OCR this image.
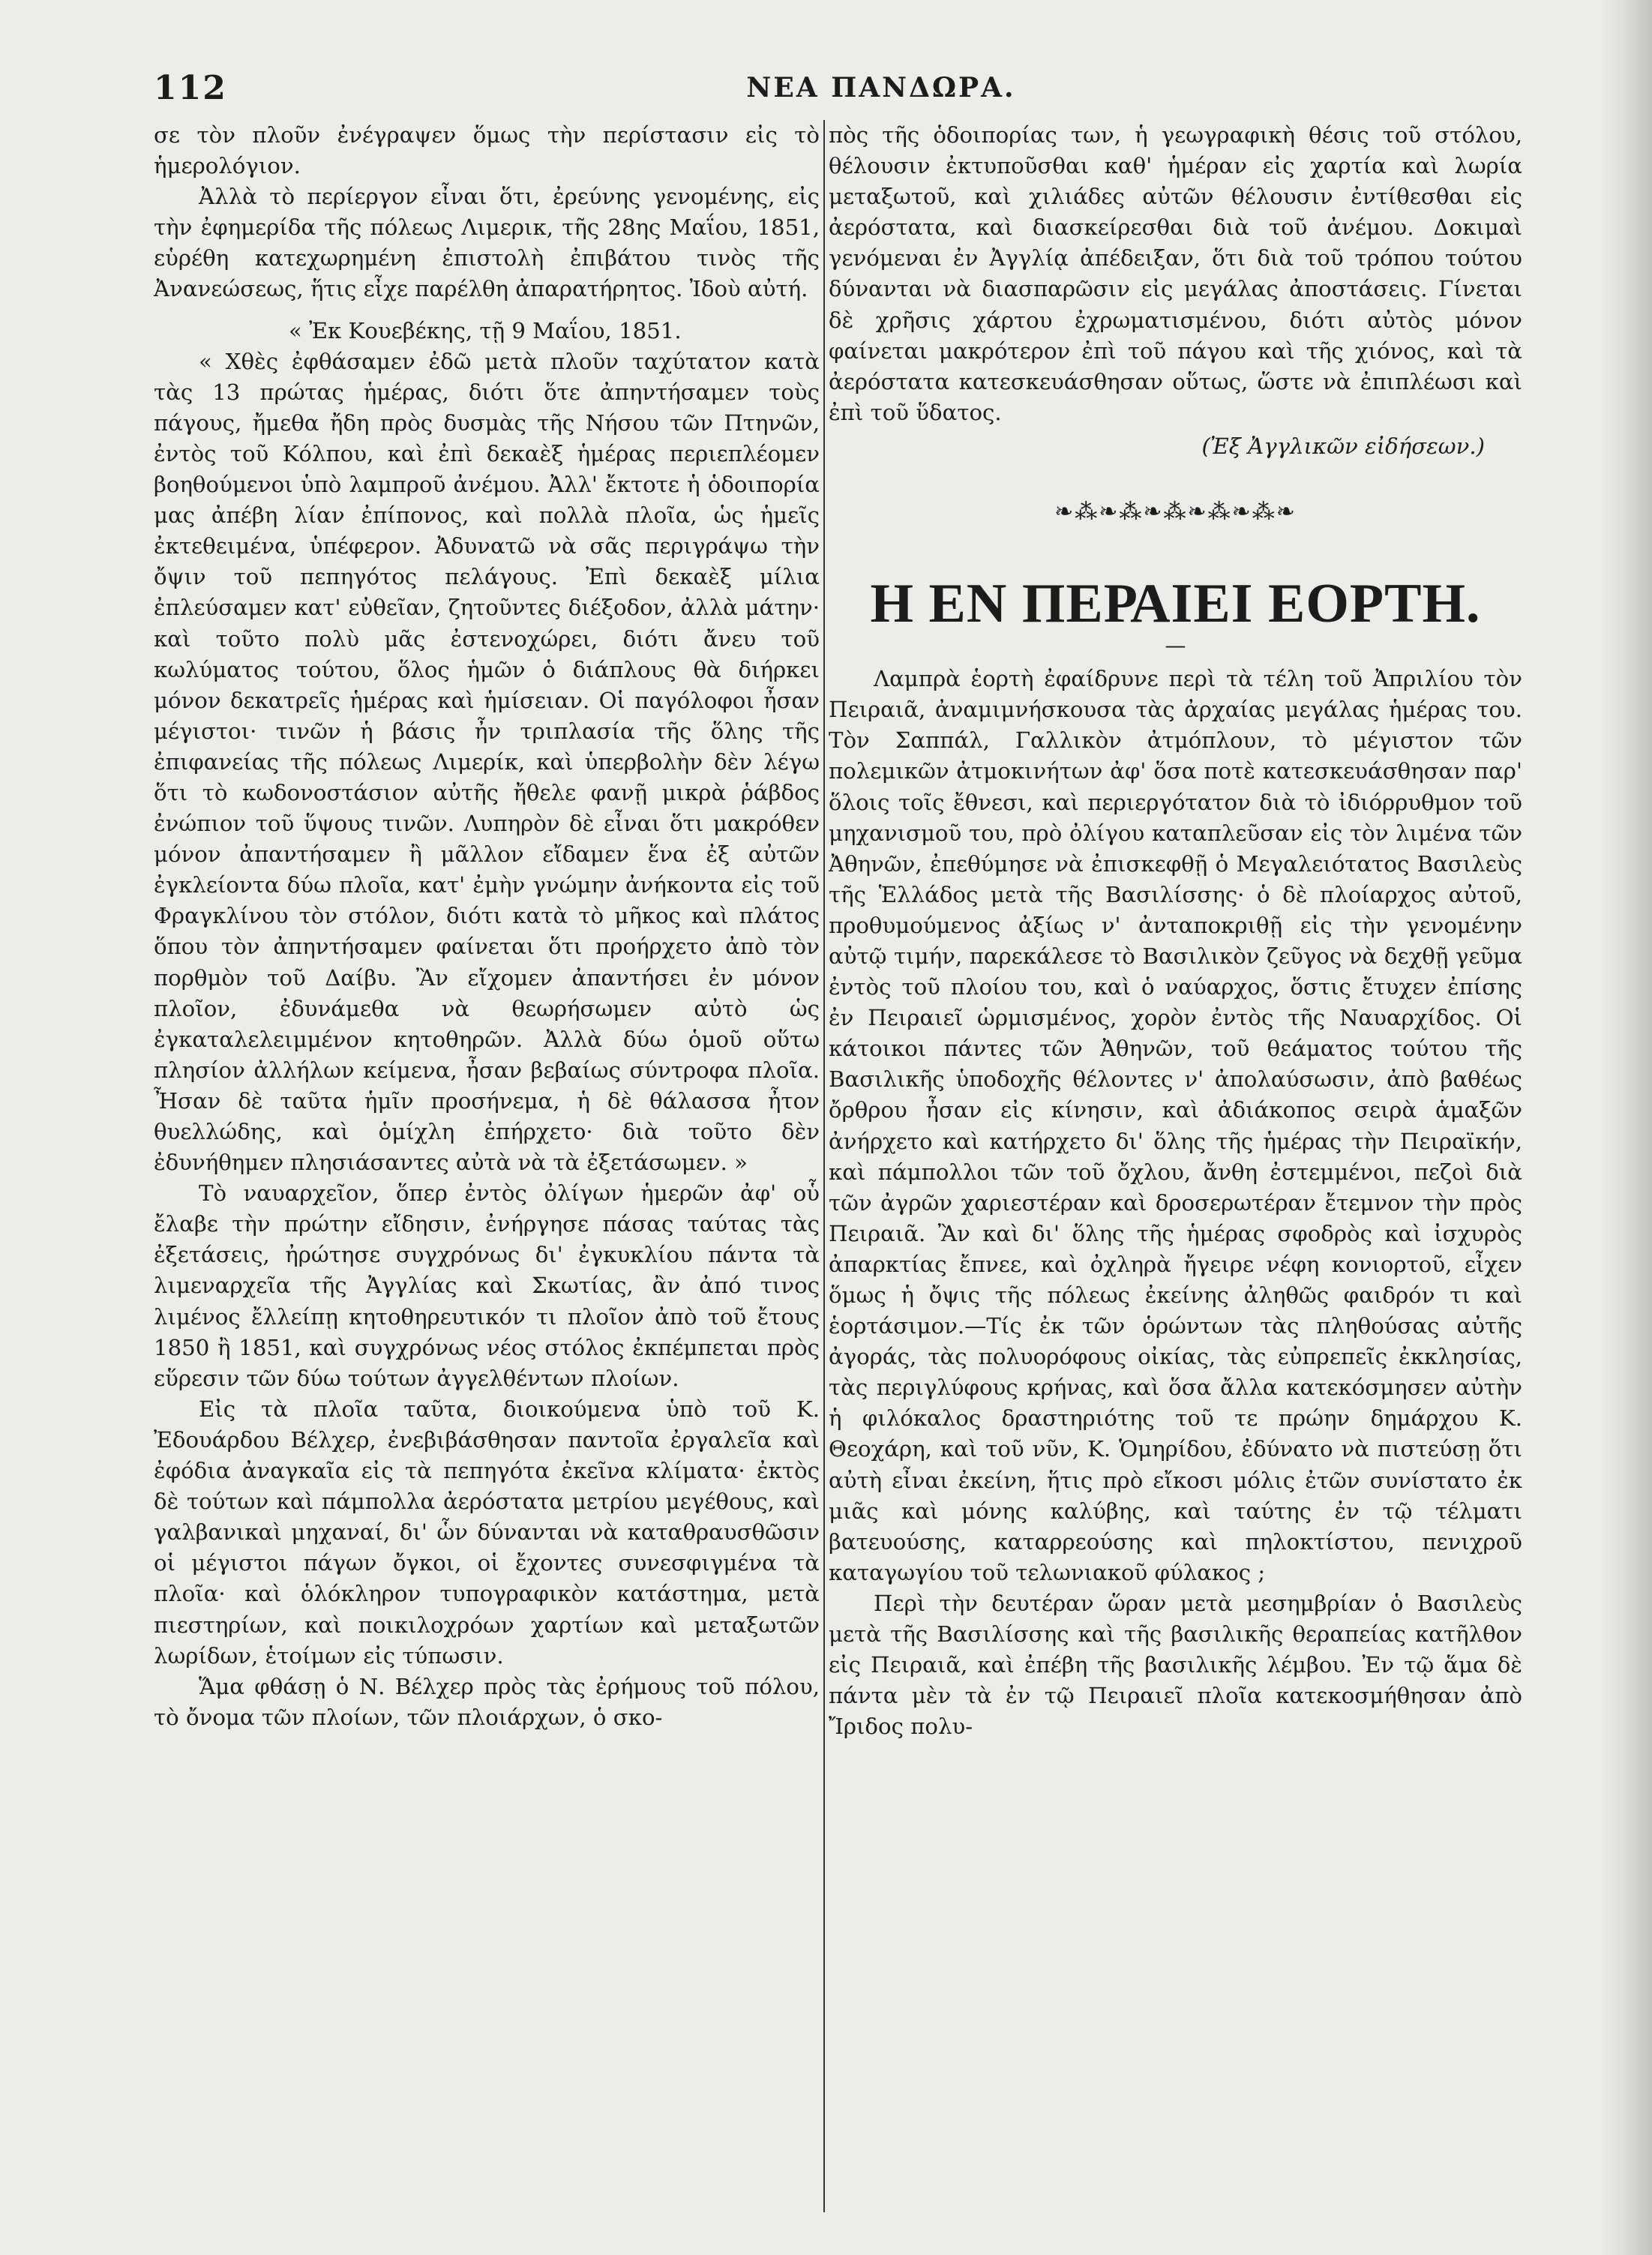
112	ΝΕΑ ΠΑΝΔΩΡΑ.

σε τὸν πλοῦν ἐνέγραψεν ὅμως τὴν περίστασιν εἰς τὸ ἡμερολόγιον.

Ἀλλὰ τὸ περίεργον εἶναι ὅτι, ἐρεύνης γενομένης, εἰς τὴν ἐφημερίδα τῆς πόλεως Λιμερικ, τῆς 28ης Μαΐου, 1851, εὑρέθη κατεχωρημένη ἐπιστολὴ ἐπιβάτου τινὸς τῆς Ἀνανεώσεως, ἥτις εἶχε παρέλθη ἀπαρατήρητος. Ἰδοὺ αὐτή.

« Ἐκ Κουεβέκης, τῇ 9 Μαΐου, 1851.

« Χθὲς ἐφθάσαμεν ἐδῶ μετὰ πλοῦν ταχύτατον κατὰ τὰς 13 πρώτας ἡμέρας, διότι ὅτε ἀπηντήσαμεν τοὺς πάγους, ἤμεθα ἤδη πρὸς δυσμὰς τῆς Νήσου τῶν Πτηνῶν, ἐντὸς τοῦ Κόλπου, καὶ ἐπὶ δεκαὲξ ἡμέρας περιεπλέομεν βοηθούμενοι ὑπὸ λαμπροῦ ἀνέμου. Ἀλλ' ἔκτοτε ἡ ὁδοιπορία μας ἀπέβη λίαν ἐπίπονος, καὶ πολλὰ πλοῖα, ὡς ἡμεῖς ἐκτεθειμένα, ὑπέφερον. Ἀδυνατῶ νὰ σᾶς περιγράψω τὴν ὄψιν τοῦ πεπηγότος πελάγους. Ἐπὶ δεκαὲξ μίλια ἐπλεύσαμεν κατ' εὐθεῖαν, ζητοῦντες διέξοδον, ἀλλὰ μάτην· καὶ τοῦτο πολὺ μᾶς ἐστενοχώρει, διότι ἄνευ τοῦ κωλύματος τούτου, ὅλος ἡμῶν ὁ διάπλους θὰ διήρκει μόνον δεκατρεῖς ἡμέρας καὶ ἡμίσειαν. Οἱ παγόλοφοι ἦσαν μέγιστοι· τινῶν ἡ βάσις ἦν τριπλασία τῆς ὅλης τῆς ἐπιφανείας τῆς πόλεως Λιμερίκ, καὶ ὑπερβολὴν δὲν λέγω ὅτι τὸ κωδονοστάσιον αὐτῆς ἤθελε φανῇ μικρὰ ῥάβδος ἐνώπιον τοῦ ὕψους τινῶν. Λυπηρὸν δὲ εἶναι ὅτι μακρόθεν μόνον ἀπαντήσαμεν ἢ μᾶλλον εἴδαμεν ἕνα ἐξ αὐτῶν ἐγκλείοντα δύω πλοῖα, κατ' ἐμὴν γνώμην ἀνήκοντα εἰς τοῦ Φραγκλίνου τὸν στόλον, διότι κατὰ τὸ μῆκος καὶ πλάτος ὅπου τὸν ἀπηντήσαμεν φαίνεται ὅτι προήρχετο ἀπὸ τὸν πορθμὸν τοῦ Δαίβυ. Ἂν εἴχομεν ἀπαντήσει ἐν μόνον πλοῖον, ἐδυνάμεθα νὰ θεωρήσωμεν αὐτὸ ὡς ἐγκαταλελειμμένον κητοθηρῶν. Ἀλλὰ δύω ὁμοῦ οὕτω πλησίον ἀλλήλων κείμενα, ἦσαν βεβαίως σύντροφα πλοῖα. Ἦσαν δὲ ταῦτα ἡμῖν προσήνεμα, ἡ δὲ θάλασσα ἦτον θυελλώδης, καὶ ὁμίχλη ἐπήρχετο· διὰ τοῦτο δὲν ἐδυνήθημεν πλησιάσαντες αὐτὰ νὰ τὰ ἐξετάσωμεν. »

Τὸ ναυαρχεῖον, ὅπερ ἐντὸς ὀλίγων ἡμερῶν ἀφ' οὗ ἔλαβε τὴν πρώτην εἴδησιν, ἐνήργησε πάσας ταύτας τὰς ἐξετάσεις, ἠρώτησε συγχρόνως δι' ἐγκυκλίου πάντα τὰ λιμεναρχεῖα τῆς Ἀγγλίας καὶ Σκωτίας, ἂν ἀπό τινος λιμένος ἔλλείπῃ κητοθηρευτικόν τι πλοῖον ἀπὸ τοῦ ἔτους 1850 ἢ 1851, καὶ συγχρόνως νέος στόλος ἐκπέμπεται πρὸς εὕρεσιν τῶν δύω τούτων ἀγγελθέντων πλοίων.

Εἰς τὰ πλοῖα ταῦτα, διοικούμενα ὑπὸ τοῦ Κ. Ἐδουάρδου Βέλχερ, ἐνεβιβάσθησαν παντοῖα ἐργαλεῖα καὶ ἐφόδια ἀναγκαῖα εἰς τὰ πεπηγότα ἐκεῖνα κλίματα· ἐκτὸς δὲ τούτων καὶ πάμπολλα ἀερόστατα μετρίου μεγέθους, καὶ γαλβανικαὶ μηχαναί, δι' ὧν δύνανται νὰ καταθραυσθῶσιν οἱ μέγιστοι πάγων ὄγκοι, οἱ ἔχοντες συνεσφιγμένα τὰ πλοῖα· καὶ ὁλόκληρον τυπογραφικὸν κατάστημα, μετὰ πιεστηρίων, καὶ ποικιλοχρόων χαρτίων καὶ μεταξωτῶν λωρίδων, ἑτοίμων εἰς τύπωσιν.

Ἅμα φθάσῃ ὁ Ν. Βέλχερ πρὸς τὰς ἐρήμους τοῦ πόλου, τὸ ὄνομα τῶν πλοίων, τῶν πλοιάρχων, ὁ σκο-

πὸς τῆς ὁδοιπορίας των, ἡ γεωγραφικὴ θέσις τοῦ στόλου, θέλουσιν ἐκτυποῦσθαι καθ' ἡμέραν εἰς χαρτία καὶ λωρία μεταξωτοῦ, καὶ χιλιάδες αὐτῶν θέλουσιν ἐντίθεσθαι εἰς ἀερόστατα, καὶ διασκείρεσθαι διὰ τοῦ ἀνέμου. Δοκιμαὶ γενόμεναι ἐν Ἀγγλίᾳ ἀπέδειξαν, ὅτι διὰ τοῦ τρόπου τούτου δύνανται νὰ διασπαρῶσιν εἰς μεγάλας ἀποστάσεις. Γίνεται δὲ χρῆσις χάρτου ἐχρωματισμένου, διότι αὐτὸς μόνον φαίνεται μακρότερον ἐπὶ τοῦ πάγου καὶ τῆς χιόνος, καὶ τὰ ἀερόστατα κατεσκευάσθησαν οὕτως, ὥστε νὰ ἐπιπλέωσι καὶ ἐπὶ τοῦ ὕδατος.

(Ἐξ Ἀγγλικῶν εἰδήσεων.)

❧⁂❧⁂❧⁂❧⁂❧⁂❧

Η ΕΝ ΠΕΡΑΙΕΙ ΕΟΡΤΗ.

—

Λαμπρὰ ἑορτὴ ἐφαίδρυνε περὶ τὰ τέλη τοῦ Ἀπριλίου τὸν Πειραιᾶ, ἀναμιμνήσκουσα τὰς ἀρχαίας μεγάλας ἡμέρας του. Τὸν Σαππάλ, Γαλλικὸν ἀτμόπλουν, τὸ μέγιστον τῶν πολεμικῶν ἀτμοκινήτων ἀφ' ὅσα ποτὲ κατεσκευάσθησαν παρ' ὅλοις τοῖς ἔθνεσι, καὶ περιεργότατον διὰ τὸ ἰδιόρρυθμον τοῦ μηχανισμοῦ του, πρὸ ὀλίγου καταπλεῦσαν εἰς τὸν λιμένα τῶν Ἀθηνῶν, ἐπεθύμησε νὰ ἐπισκεφθῇ ὁ Μεγαλειότατος Βασιλεὺς τῆς Ἑλλάδος μετὰ τῆς Βασιλίσσης· ὁ δὲ πλοίαρχος αὐτοῦ, προθυμούμενος ἀξίως ν' ἀνταποκριθῇ εἰς τὴν γενομένην αὐτῷ τιμήν, παρεκάλεσε τὸ Βασιλικὸν ζεῦγος νὰ δεχθῇ γεῦμα ἐντὸς τοῦ πλοίου του, καὶ ὁ ναύαρχος, ὅστις ἔτυχεν ἐπίσης ἐν Πειραιεῖ ὡρμισμένος, χορὸν ἐντὸς τῆς Ναυαρχίδος. Οἱ κάτοικοι πάντες τῶν Ἀθηνῶν, τοῦ θεάματος τούτου τῆς Βασιλικῆς ὑποδοχῆς θέλοντες ν' ἀπολαύσωσιν, ἀπὸ βαθέως ὄρθρου ἦσαν εἰς κίνησιν, καὶ ἀδιάκοπος σειρὰ ἁμαξῶν ἀνήρχετο καὶ κατήρχετο δι' ὅλης τῆς ἡμέρας τὴν Πειραϊκήν, καὶ πάμπολλοι τῶν τοῦ ὄχλου, ἄνθη ἐστεμμένοι, πεζοὶ διὰ τῶν ἀγρῶν χαριεστέραν καὶ δροσερωτέραν ἔτεμνον τὴν πρὸς Πειραιᾶ. Ἂν καὶ δι' ὅλης τῆς ἡμέρας σφοδρὸς καὶ ἰσχυρὸς ἀπαρκτίας ἔπνεε, καὶ ὀχληρὰ ἤγειρε νέφη κονιορτοῦ, εἶχεν ὅμως ἡ ὄψις τῆς πόλεως ἐκείνης ἀληθῶς φαιδρόν τι καὶ ἑορτάσιμον.—Τίς ἐκ τῶν ὁρώντων τὰς πληθούσας αὐτῆς ἀγοράς, τὰς πολυορόφους οἰκίας, τὰς εὐπρεπεῖς ἐκκλησίας, τὰς περιγλύφους κρήνας, καὶ ὅσα ἄλλα κατεκόσμησεν αὐτὴν ἡ φιλόκαλος δραστηριότης τοῦ τε πρώην δημάρχου Κ. Θεοχάρη, καὶ τοῦ νῦν, Κ. Ὁμηρίδου, ἐδύνατο νὰ πιστεύσῃ ὅτι αὐτὴ εἶναι ἐκείνη, ἥτις πρὸ εἴκοσι μόλις ἐτῶν συνίστατο ἐκ μιᾶς καὶ μόνης καλύβης, καὶ ταύτης ἐν τῷ τέλματι βατευούσης, καταρρεούσης καὶ πηλοκτίστου, πενιχροῦ καταγωγίου τοῦ τελωνιακοῦ φύλακος ;

Περὶ τὴν δευτέραν ὥραν μετὰ μεσημβρίαν ὁ Βασιλεὺς μετὰ τῆς Βασιλίσσης καὶ τῆς βασιλικῆς θεραπείας κατῆλθον εἰς Πειραιᾶ, καὶ ἐπέβη τῆς βασιλικῆς λέμβου. Ἐν τῷ ἅμα δὲ πάντα μὲν τὰ ἐν τῷ Πειραιεῖ πλοῖα κατεκοσμήθησαν ἀπὸ Ἴριδος πολυ-
